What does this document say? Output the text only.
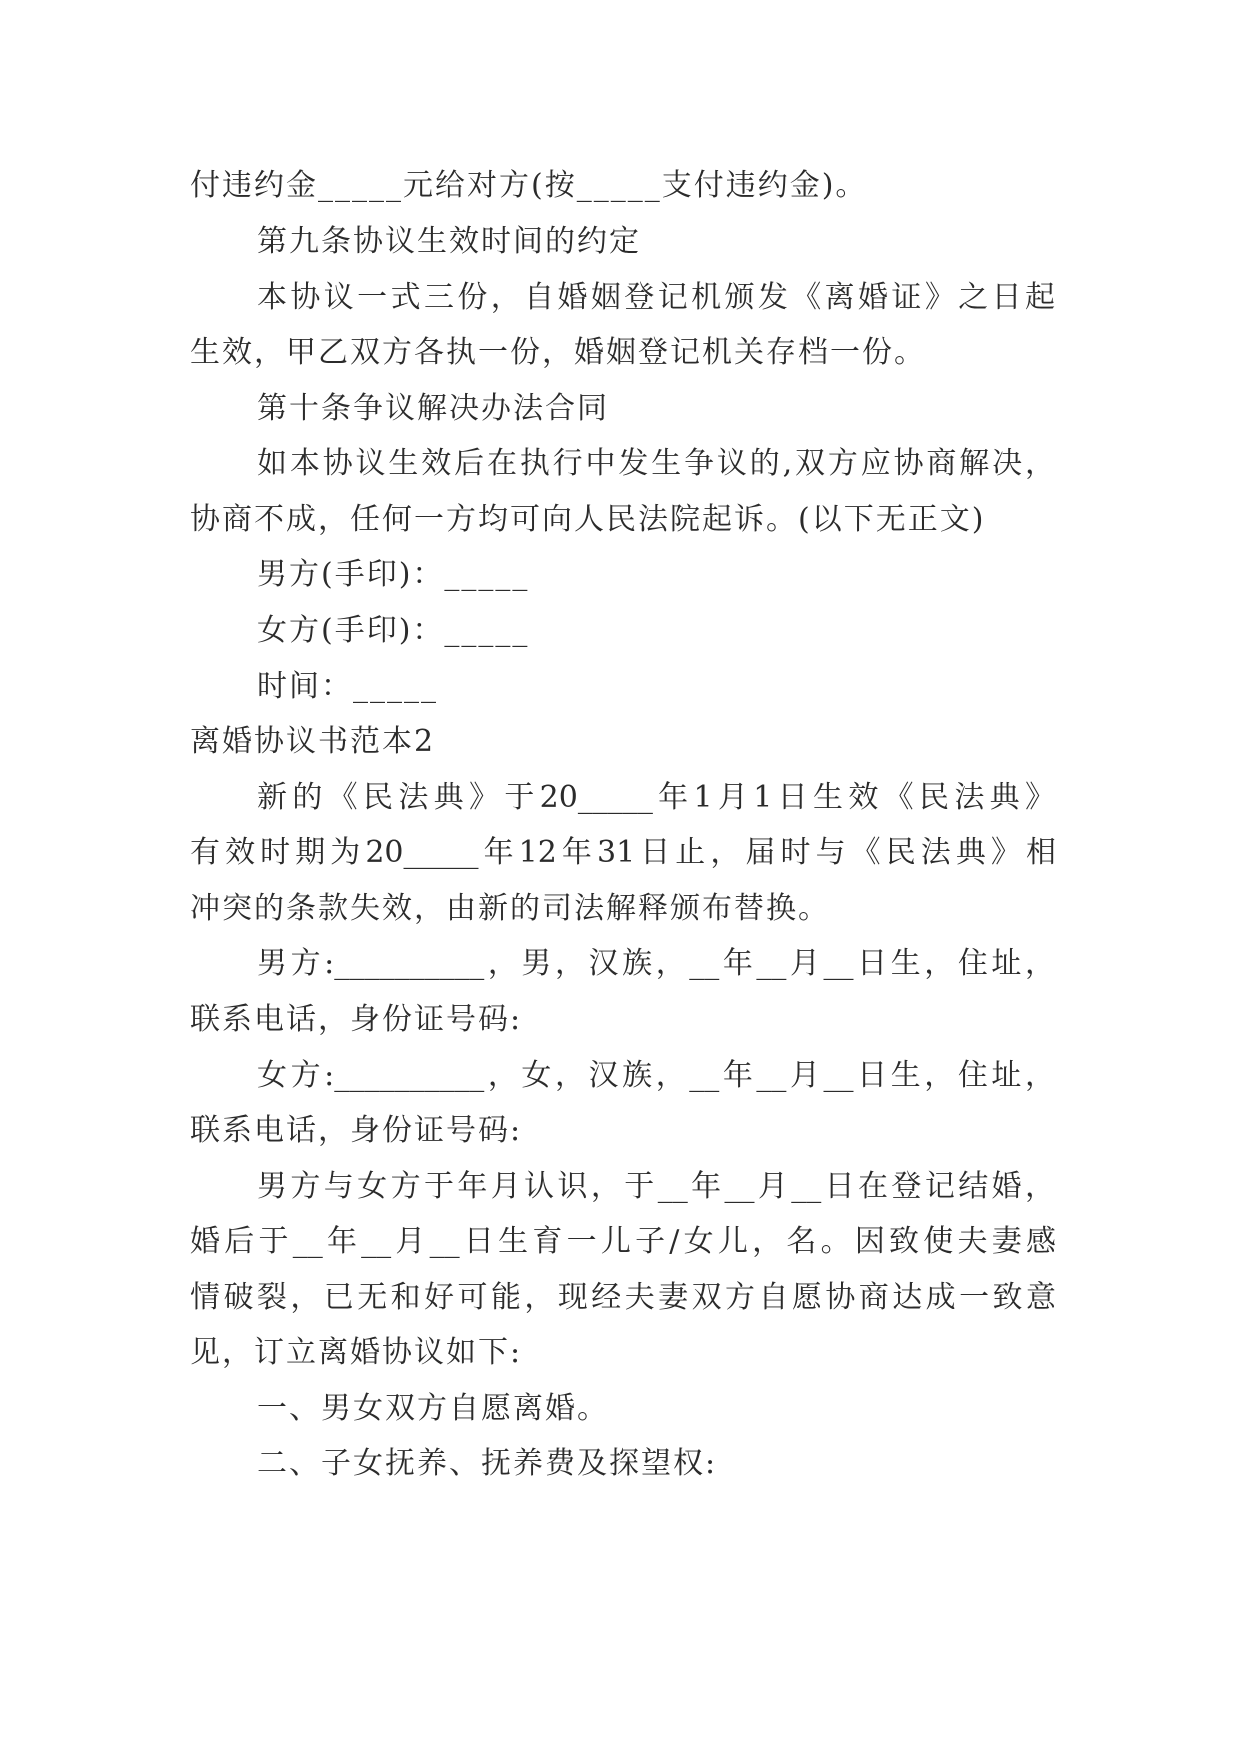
付违约金_____元给对方(按_____支付违约金)。
第九条协议生效时间的约定
本协议一式三份，自婚姻登记机颁发《离婚证》之日起
生效，甲乙双方各执一份，婚姻登记机关存档一份。
第十条争议解决办法合同
如本协议生效后在执行中发生争议的,双方应协商解决，
协商不成，任何一方均可向人民法院起诉。(以下无正文)
男方(手印)：_____
女方(手印)：_____
时间：_____
离婚协议书范本2
新的《民法典》于20_____年1月1日生效《民法典》
有效时期为20_____年12年31日止，届时与《民法典》相
冲突的条款失效，由新的司法解释颁布替换。
男方:__________，男，汉族，__年__月__日生，住址，
联系电话，身份证号码:
女方:__________，女，汉族，__年__月__日生，住址，
联系电话，身份证号码:
男方与女方于年月认识，于__年__月__日在登记结婚，
婚后于__年__月__日生育一儿子/女儿，名。因致使夫妻感
情破裂，已无和好可能，现经夫妻双方自愿协商达成一致意
见，订立离婚协议如下:
一、男女双方自愿离婚。
二、子女抚养、抚养费及探望权:
